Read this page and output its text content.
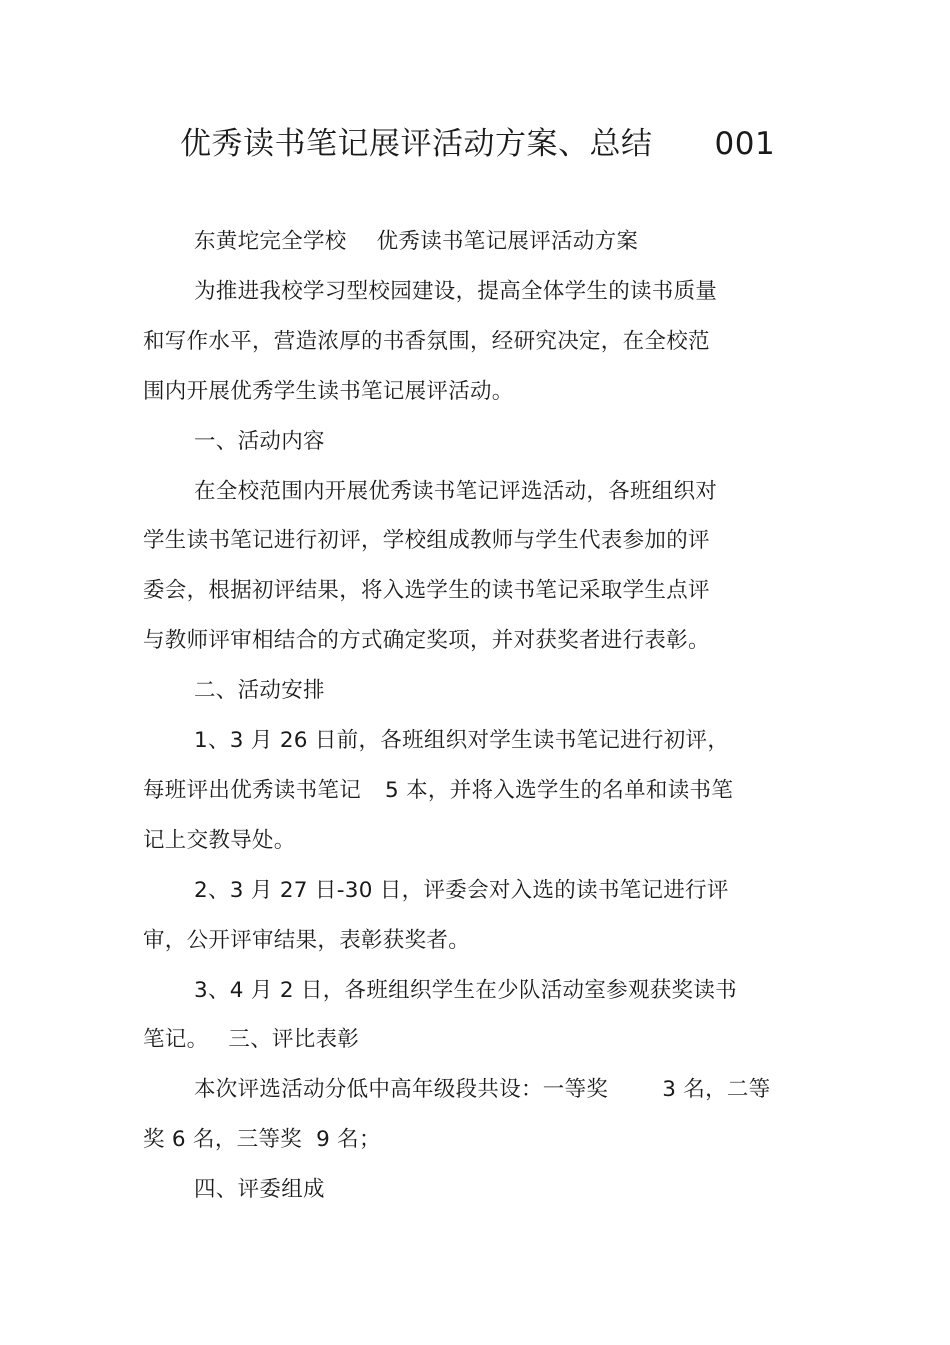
优秀读书笔记展评活动方案、总结 001
东黄坨完全学校 优秀读书笔记展评活动方案
为推进我校学习型校园建设，提高全体学生的读书质量
和写作水平，营造浓厚的书香氛围，经研究决定，在全校范
围内开展优秀学生读书笔记展评活动。
一、活动内容
在全校范围内开展优秀读书笔记评选活动，各班组织对
学生读书笔记进行初评，学校组成教师与学生代表参加的评
委会，根据初评结果，将入选学生的读书笔记采取学生点评
与教师评审相结合的方式确定奖项，并对获奖者进行表彰。
二、活动安排
1、3 月 26 日前，各班组织对学生读书笔记进行初评，
每班评出优秀读书笔记 5 本，并将入选学生的名单和读书笔
记上交教导处。
2、3 月 27 日-30 日，评委会对入选的读书笔记进行评
审，公开评审结果，表彰获奖者。
3、4 月 2 日，各班组织学生在少队活动室参观获奖读书
笔记。 三、评比表彰
本次评选活动分低中高年级段共设：一等奖	3 名，二等
奖 6 名，三等奖 9 名；
四、评委组成
